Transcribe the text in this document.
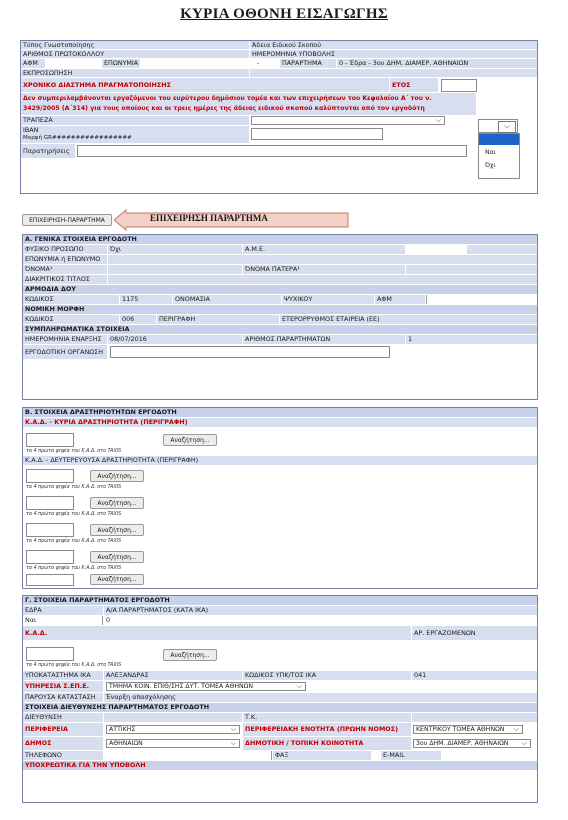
ΚΥΡΙΑ ΟΘΟΝΗ ΕΙΣΑΓΩΓΗΣ
Τύπος Γνωστοποίησης	Άδεια Ειδικού Σκοπού
ΑΡΙΘΜΟΣ ΠΡΩΤΟΚΟΛΛΟΥ	ΗΜΕΡΟΜΗΝΙΑ ΥΠΟΒΟΛΗΣ
ΑΦΜ	ΕΠΩΝΥΜΙΑ	-	ΠΑΡΑΡΤΗΜΑ	0 - Έδρα - 3ου ΔΗΜ. ΔΙΑΜΕΡ. ΑΘΗΝΑΙΩΝ
ΕΚΠΡΟΣΩΠΗΣΗ
ΧΡΟΝΙΚΟ ΔΙΑΣΤΗΜΑ ΠΡΑΓΜΑΤΟΠΟΙΗΣΗΣ	ΕΤΟΣ
Δεν συμπεριλαμβάνονται εργαζόμενοι του ευρύτερου δημόσιου τομέα και των επιχειρήσεων του Κεφαλαίου Α΄ του ν.
3429/2005 (Α΄314) για τους οποίους και οι τρεις ημέρες της άδειας ειδικού σκοπού καλύπτονται από τον εργοδότη
ΤΡΑΠΕΖΑ	⌵
IBAN
Μορφή GR#################
Παρατηρήσεις
⌵
Ναι
Όχι
ΕΠΙΧΕΙΡΗΣΗ-ΠΑΡΑΡΤΗΜΑ	ΕΠΙΧΕΙΡΗΣΗ ΠΑΡΑΡΤΗΜΑ
Α. ΓΕΝΙΚΑ ΣΤΟΙΧΕΙΑ ΕΡΓΟΔΟΤΗ
ΦΥΣΙΚΟ ΠΡΟΣΩΠΟ	Όχι	Α.Μ.Ε.
ΕΠΩΝΥΜΙΑ ή ΕΠΩΝΥΜΟ
ΌΝΟΜΑ¹	ΌΝΟΜΑ ΠΑΤΕΡΑ¹
ΔΙΑΚΡΙΤΙΚΟΣ ΤΙΤΛΟΣ
ΑΡΜΟΔΙΑ ΔΟΥ
ΚΩΔΙΚΟΣ	1175	ΟΝΟΜΑΣΙΑ	ΨΥΧΙΚΟΥ	ΑΦΜ
ΝΟΜΙΚΗ ΜΟΡΦΗ
ΚΩΔΙΚΟΣ	006	ΠΕΡΙΓΡΑΦΗ	ΕΤΕΡΟΡΡΥΘΜΟΣ ΕΤΑΙΡΕΙΑ (ΕΕ)
ΣΥΜΠΛΗΡΩΜΑΤΙΚΑ ΣΤΟΙΧΕΙΑ
ΗΜΕΡΟΜΗΝΙΑ ΕΝΑΡΞΗΣ	08/07/2016	ΑΡΙΘΜΟΣ ΠΑΡΑΡΤΗΜΑΤΩΝ	1
ΕΡΓΟΔΟΤΙΚΗ ΟΡΓΑΝΩΣΗ
Β. ΣΤΟΙΧΕΙΑ ΔΡΑΣΤΗΡΙΟΤΗΤΩΝ ΕΡΓΟΔΟΤΗ
Κ.Α.Δ. - ΚΥΡΙΑ ΔΡΑΣΤΗΡΙΟΤΗΤΑ (ΠΕΡΙΓΡΑΦΗ)
Αναζήτηση...
τα 4 πρώτα ψηφία του Κ.Α.Δ. στο TAXIS
Κ.Α.Δ. - ΔΕΥΤΕΡΕΥΟΥΣΑ ΔΡΑΣΤΗΡΙΟΤΗΤΑ (ΠΕΡΙΓΡΑΦΗ)
Αναζήτηση...
τα 4 πρώτα ψηφία του Κ.Α.Δ. στο TAXIS
Αναζήτηση...
τα 4 πρώτα ψηφία του Κ.Α.Δ. στο TAXIS
Αναζήτηση...
τα 4 πρώτα ψηφία του Κ.Α.Δ. στο TAXIS
Αναζήτηση...
τα 4 πρώτα ψηφία του Κ.Α.Δ. στο TAXIS
Αναζήτηση...
Γ. ΣΤΟΙΧΕΙΑ ΠΑΡΑΡΤΗΜΑΤΟΣ ΕΡΓΟΔΟΤΗ
ΕΔΡΑ	Α/Α ΠΑΡΑΡΤΗΜΑΤΟΣ (ΚΑΤΑ ΙΚΑ)
Ναι	0
Κ.Α.Δ.	ΑΡ. ΕΡΓΑΖΟΜΕΝΩΝ
Αναζήτηση...
τα 4 πρώτα ψηφία του Κ.Α.Δ. στο TAXIS
ΥΠΟΚΑΤΑΣΤΗΜΑ ΙΚΑ	ΑΛΕΞΑΝΔΡΑΣ	ΚΩΔΙΚΟΣ ΥΠΚ/ΤΟΣ ΙΚΑ	041
ΥΠΗΡΕΣΙΑ Σ.ΕΠ.Ε.	ΤΜΗΜΑ ΚΟΙΝ. ΕΠΙΘ/ΣΗΣ ΔΥΤ. ΤΟΜΕΑ ΑΘΗΝΩΝ	⌵
ΠΑΡΟΥΣΑ ΚΑΤΑΣΤΑΣΗ	Έναρξη απασχόλησης
ΣΤΟΙΧΕΙΑ ΔΙΕΥΘΥΝΣΗΣ ΠΑΡΑΡΤΗΜΑΤΟΣ ΕΡΓΟΔΟΤΗ
ΔΙΕΥΘΥΝΣΗ	Τ.Κ.
ΠΕΡΙΦΕΡΕΙΑ	ΑΤΤΙΚΗΣ	⌵	ΠΕΡΙΦΕΡΕΙΑΚΗ ΕΝΟΤΗΤΑ (ΠΡΩΗΝ ΝΟΜΟΣ)	ΚΕΝΤΡΙΚΟΥ ΤΟΜΕΑ ΑΘΗΝΩΝ ⌵
ΔΗΜΟΣ	ΑΘΗΝΑΙΩΝ	⌵	ΔΗΜΟΤΙΚΗ / ΤΟΠΙΚΗ ΚΟΙΝΟΤΗΤΑ	3ου ΔΗΜ. ΔΙΑΜΕΡ. ΑΘΗΝΑΙΩΝ ⌵
ΤΗΛΕΦΩΝΟ	ΦΑΞ	E-MAIL
ΥΠΟΧΡΕΩΤΙΚΑ ΓΙΑ ΤΗΝ ΥΠΟΒΟΛΗ
